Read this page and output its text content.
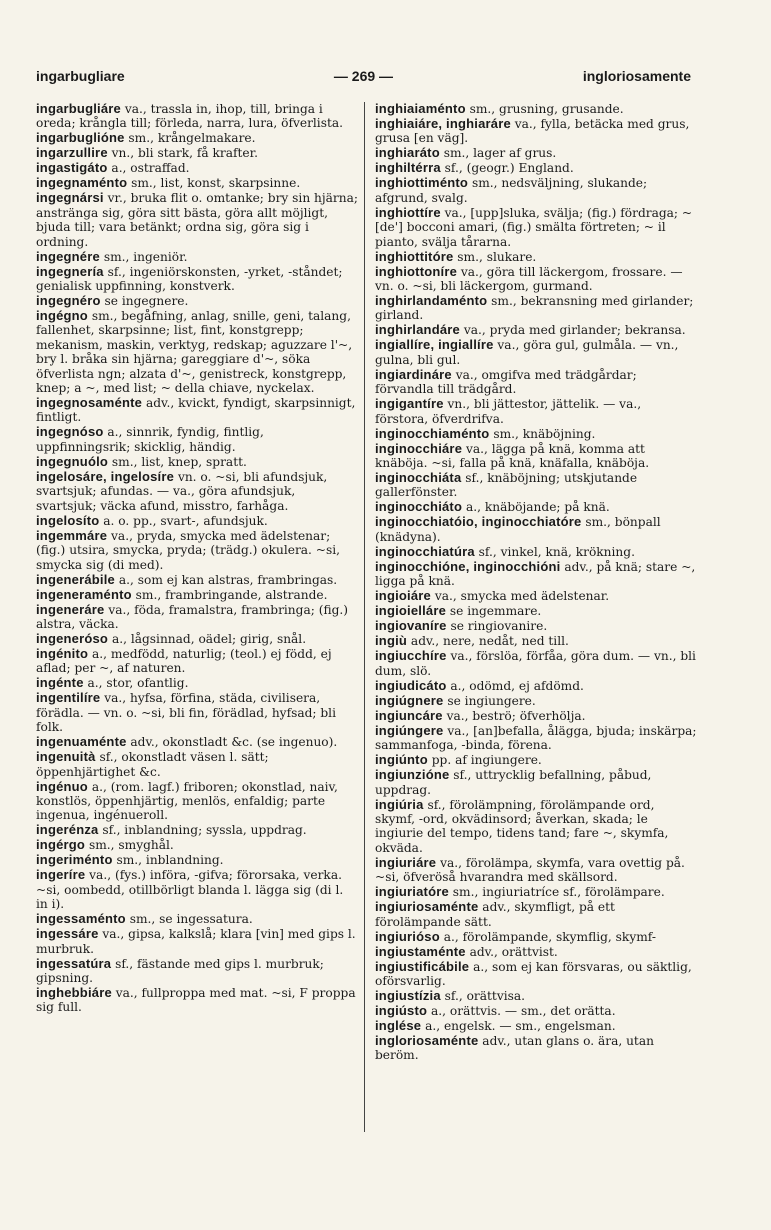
ingarbugliare	— 269 —	ingloriosamente

ingarbugliáre va., trassla in, ihop, till, bringa i oreda; krångla till; förleda, narra, lura, öfverlista.

ingarbuglióne sm., krångelmakare.

ingarzullire vn., bli stark, få krafter.

ingastigáto a., ostraffad.

ingegnaménto sm., list, konst, skarpsinne.

ingegnársi vr., bruka flit o. omtanke; bry sin hjärna; anstränga sig, göra sitt bästa, göra allt möjligt, bjuda till; vara betänkt; ordna sig, göra sig i ordning.

ingegnére sm., ingeniör.

ingegnería sf., ingeniörskonsten, -yrket, -ståndet; genialisk uppfinning, konstverk.

ingegnéro se ingegnere.

ingégno sm., begåfning, anlag, snille, geni, talang, fallenhet, skarpsinne; list, fint, konstgrepp; mekanism, maskin, verktyg, redskap; aguzzare l'~, bry l. bråka sin hjärna; gareggiare d'~, söka öfverlista ngn; alzata d'~, genistreck, konstgrepp, knep; a ~, med list; ~ della chiave, nyckelax.

ingegnosaménte adv., kvickt, fyndigt, skarpsinnigt, fintligt.

ingegnóso a., sinnrik, fyndig, fintlig, uppfinningsrik; skicklig, händig.

ingegnuólo sm., list, knep, spratt.

ingelosáre, ingelosíre vn. o. ~si, bli afundsjuk, svartsjuk; afundas. — va., göra afundsjuk, svartsjuk; väcka afund, misstro, farhåga.

ingelosíto a. o. pp., svart-, afundsjuk.

ingemmáre va., pryda, smycka med ädelstenar; (fig.) utsira, smycka, pryda; (trädg.) okulera. ~si, smycka sig (di med).

ingenerábile a., som ej kan alstras, frambringas.

ingeneraménto sm., frambringande, alstrande.

ingeneráre va., föda, framalstra, frambringa; (fig.) alstra, väcka.

ingeneróso a., lågsinnad, oädel; girig, snål.

ingénito a., medfödd, naturlig; (teol.) ej född, ej aflad; per ~, af naturen.

ingénte a., stor, ofantlig.

ingentilíre va., hyfsa, förfina, städa, civilisera, förädla. — vn. o. ~si, bli fin, förädlad, hyfsad; bli folk.

ingenuaménte adv., okonstladt &c. (se ingenuo).

ingenuità sf., okonstladt väsen l. sätt; öppenhjärtighet &c.

ingénuo a., (rom. lagf.) friboren; okonstlad, naiv, konstlös, öppenhjärtig, menlös, enfaldig; parte ingenua, ingénueroll.

ingerénza sf., inblandning; syssla, uppdrag.

ingérgo sm., smyghål.

ingeriménto sm., inblandning.

ingeríre va., (fys.) införa, -gifva; förorsaka, verka. ~si, oombedd, otillbörligt blanda l. lägga sig (di l. in i).

ingessaménto sm., se ingessatura.

ingessáre va., gipsa, kalkslå; klara [vin] med gips l. murbruk.

ingessatúra sf., fästande med gips l. murbruk; gipsning.

inghebbiáre va., fullproppa med mat. ~si, F proppa sig full.

inghiaiaménto sm., grusning, grusande.

inghiaiáre, inghiaráre va., fylla, betäcka med grus, grusa [en väg].

inghiaráto sm., lager af grus.

inghiltérra sf., (geogr.) England.

inghiottiménto sm., nedsväljning, slukande; afgrund, svalg.

inghiottíre va., [upp]sluka, svälja; (fig.) fördraga; ~ [de'] bocconi amari, (fig.) smälta förtreten; ~ il pianto, svälja tårarna.

inghiottitóre sm., slukare.

inghiottoníre va., göra till läckergom, frossare. — vn. o. ~si, bli läckergom, gurmand.

inghirlandaménto sm., bekransning med girlander; girland.

inghirlandáre va., pryda med girlander; bekransa.

ingiallíre, ingiallíre va., göra gul, gulmåla. — vn., gulna, bli gul.

ingiardináre va., omgifva med trädgårdar; förvandla till trädgård.

ingigantíre vn., bli jättestor, jättelik. — va., förstora, öfverdrifva.

inginocchiaménto sm., knäböjning.

inginocchiáre va., lägga på knä, komma att knäböja. ~si, falla på knä, knäfalla, knäböja.

inginocchiáta sf., knäböjning; utskjutande gallerfönster.

inginocchiáto a., knäböjande; på knä.

inginocchiatóio, inginocchiatóre sm., bönpall (knädyna).

inginocchiatúra sf., vinkel, knä, krökning.

inginocchióne, inginocchióni adv., på knä; stare ~, ligga på knä.

ingioiáre va., smycka med ädelstenar.

ingioielláre se ingemmare.

ingiovaníre se ringiovanire.

ingiù adv., nere, nedåt, ned till.

ingiucchíre va., förslöa, förfåa, göra dum. — vn., bli dum, slö.

ingiudicáto a., odömd, ej afdömd.

ingiúgnere se ingiungere.

ingiuncáre va., beströ; öfverhölja.

ingiúngere va., [an]befalla, ålägga, bjuda; inskärpa; sammanfoga, -binda, förena.

ingiúnto pp. af ingiungere.

ingiunzióne sf., uttrycklig befallning, påbud, uppdrag.

ingiúria sf., förolämpning, förolämpande ord, skymf, -ord, okvädinsord; åverkan, skada; le ingiurie del tempo, tidens tand; fare ~, skymfa, okväda.

ingiuriáre va., förolämpa, skymfa, vara ovettig på. ~si, öfveröså hvarandra med skällsord.

ingiuriatóre sm., ingiuriatríce sf., förolämpare.

ingiuriosaménte adv., skymfligt, på ett förolämpande sätt.

ingiurióso a., förolämpande, skymflig, skymf-

ingiustaménte adv., orättvist.

ingiustificábile a., som ej kan försvaras, ou säktlig, oförsvarlig.

ingiustízia sf., orättvisa.

ingiústo a., orättvis. — sm., det orätta.

inglése a., engelsk. — sm., engelsman.

ingloriosaménte adv., utan glans o. ära, utan beröm.
